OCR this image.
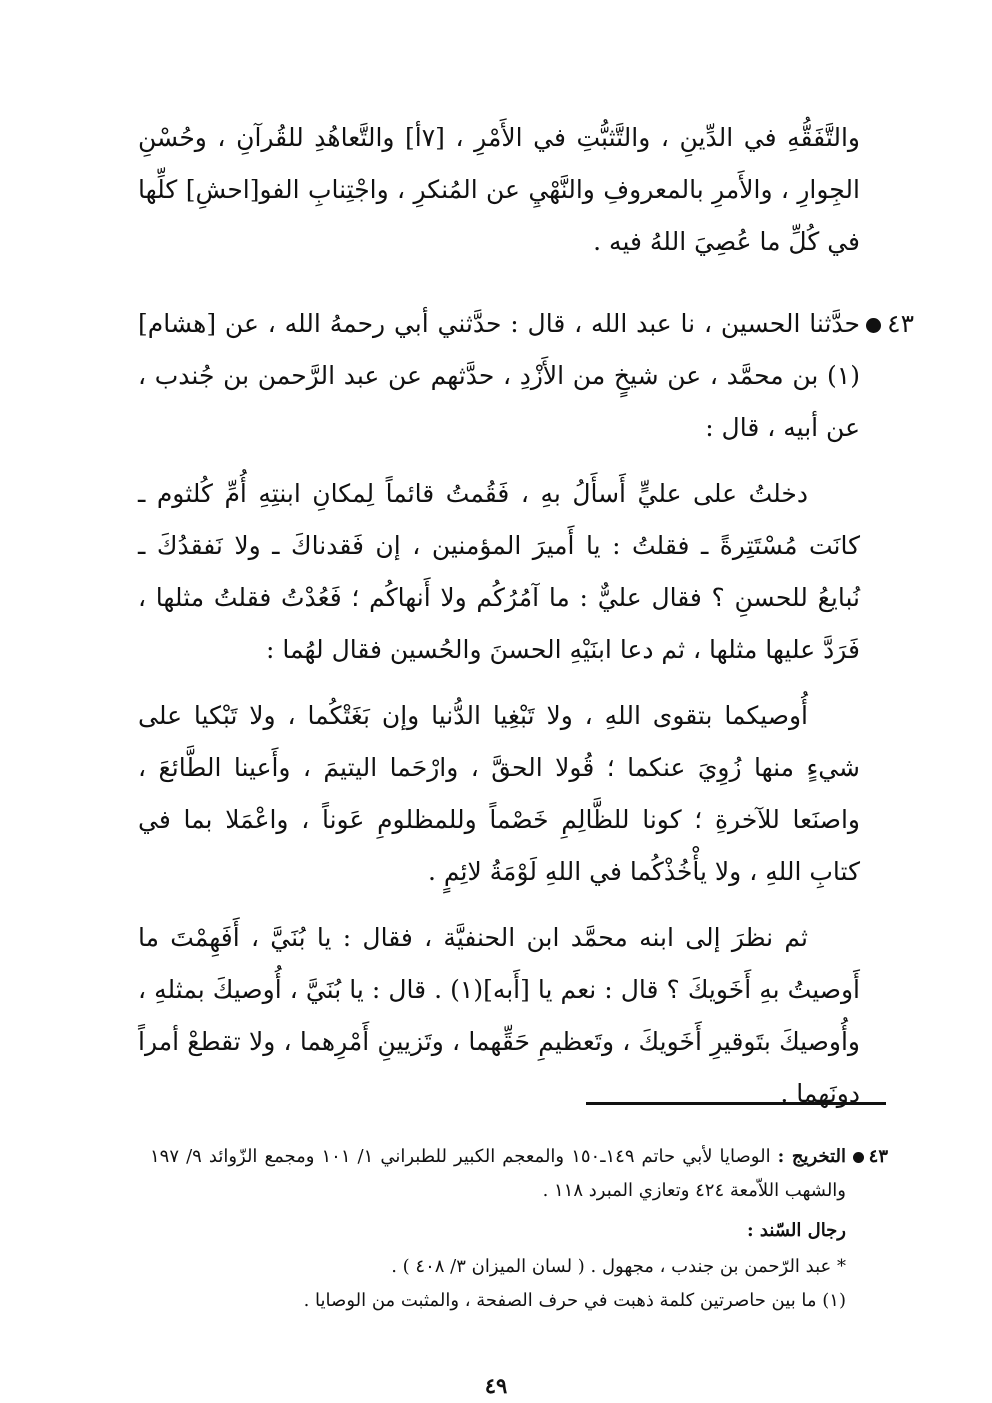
والتَّفَقُّهِ في الدِّينِ ، والتَّثبُّتِ في الأَمْرِ ، [٧أ] والتَّعاهُدِ للقُرآنِ ، وحُسْنِ الجِوارِ ، والأَمرِ بالمعروفِ والنَّهْيِ عن المُنكرِ ، واجْتِنابِ الفو[احشِ] كلِّها في كُلِّ ما عُصِيَ اللهُ فيه .

٤٣

حدَّثنا الحسين ، نا عبد الله ، قال : حدَّثني أبي رحمهُ الله ، عن [هشام](١) بن محمَّد ، عن شيخٍ من الأَزْدِ ، حدَّثهم عن عبد الرَّحمن بن جُندب ، عن أبيه ، قال :

دخلتُ على عليٍّ أَسأَلُ بهِ ، فَقُمتُ قائماً لِمكانِ ابنتِهِ أُمِّ كُلثوم ـ كانَت مُسْتَتِرةً ـ فقلتُ : يا أَميرَ المؤمنين ، إن فَقدناكَ ـ ولا نَفقدُكَ ـ نُبايعُ للحسنِ ؟ فقال عليٌّ : ما آمُرُكُم ولا أَنهاكُم ؛ فَعُدْتُ فقلتُ مثلها ، فَرَدَّ عليها مثلها ، ثم دعا ابنَيْهِ الحسنَ والحُسين فقال لهُما :

أُوصيكما بتقوى اللهِ ، ولا تَبْغِيا الدُّنيا وإن بَغَتْكُما ، ولا تَبْكيا على شيءٍ منها زُوِيَ عنكما ؛ قُولا الحقَّ ، وارْحَما اليتيمَ ، وأَعينا الطَّائعَ ، واصنَعا للآخرةِ ؛ كونا للظَّالِمِ خَصْماً وللمظلومِ عَوناً ، واعْمَلا بما في كتابِ اللهِ ، ولا يأْخُذْكُما في اللهِ لَوْمَةُ لائِمٍ .

ثم نظرَ إلى ابنه محمَّد ابن الحنفيَّة ، فقال : يا بُنَيَّ ، أَفَهِمْتَ ما أَوصيتُ بهِ أَخَويكَ ؟ قال : نعم يا [أَبه](١) . قال : يا بُنَيَّ ، أُوصيكَ بمثلهِ ، وأُوصيكَ بتَوقيرِ أَخَويكَ ، وتَعظيمِ حَقِّهما ، وتَزيينِ أَمْرِهما ، ولا تقطعْ أمراً دونَهما .

٤٣
التخريج : الوصايا لأبي حاتم ١٤٩ـ١٥٠ والمعجم الكبير للطبراني ١/ ١٠١ ومجمع الزّوائد ٩/ ١٩٧ والشهب اللاّمعة ٤٢٤ وتعازي المبرد ١١٨ .

رجال السّند :

* عبد الرّحمن بن جندب ، مجهول . ( لسان الميزان ٣/ ٤٠٨ ) .

(١) ما بين حاصرتين كلمة ذهبت في حرف الصفحة ، والمثبت من الوصايا .

٤٩
